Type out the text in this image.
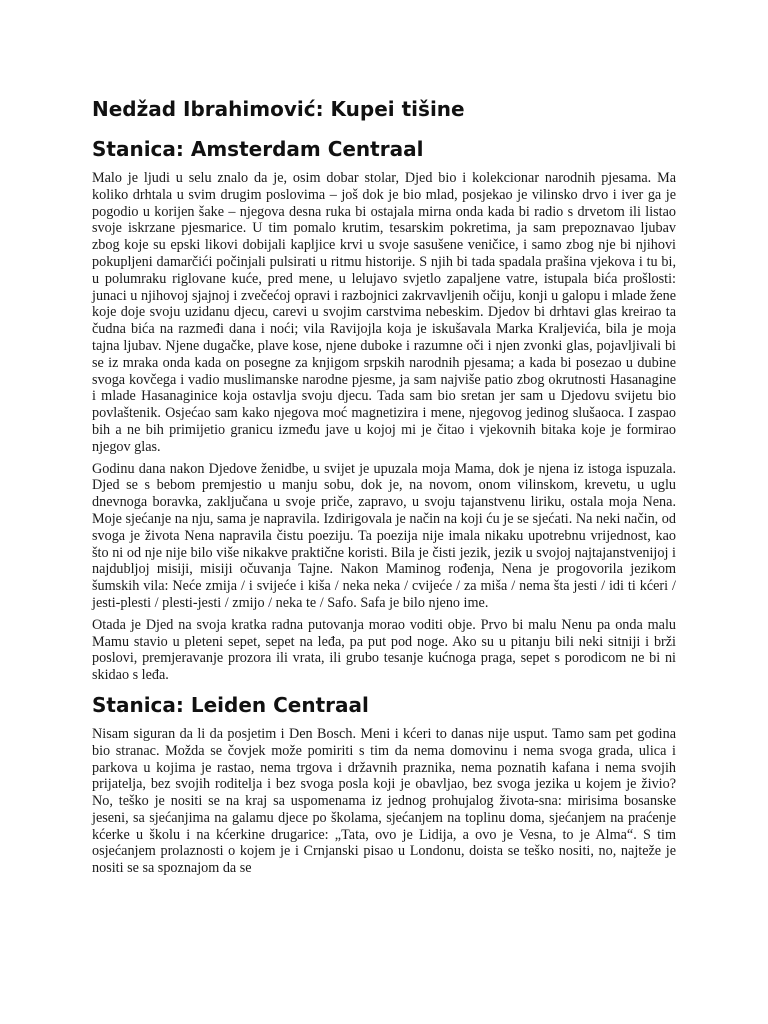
Nedžad Ibrahimović: Kupei tišine
Stanica: Amsterdam Centraal

Malo je ljudi u selu znalo da je, osim dobar stolar, Djed bio i kolekcionar narodnih pjesama. Ma koliko drhtala u svim drugim poslovima – još dok je bio mlad, posjekao je vilinsko drvo i iver ga je pogodio u korijen šake – njegova desna ruka bi ostajala mirna onda kada bi radio s drvetom ili listao svoje iskrzane pjesmarice. U tim pomalo krutim, tesarskim pokretima, ja sam prepoznavao ljubav zbog koje su epski likovi dobijali kapljice krvi u svoje sasušene veničice, i samo zbog nje bi njihovi pokupljeni damarčići počinjali pulsirati u ritmu historije. S njih bi tada spadala prašina vjekova i tu bi, u polumraku riglovane kuće, pred mene, u lelujavo svjetlo zapaljene vatre, istupala bića prošlosti: junaci u njihovoj sjajnoj i zvečećoj opravi i razbojnici zakrvavljenih očiju, konji u galopu i mlade žene koje doje svoju uzidanu djecu, carevi u svojim carstvima nebeskim. Djedov bi drhtavi glas kreirao ta čudna bića na razmeđi dana i noći; vila Ravijojla koja je iskušavala Marka Kraljevića, bila je moja tajna ljubav. Njene dugačke, plave kose, njene duboke i razumne oči i njen zvonki glas, pojavljivali bi se iz mraka onda kada on posegne za knjigom srpskih narodnih pjesama; a kada bi posezao u dubine svoga kovčega i vadio muslimanske narodne pjesme, ja sam najviše patio zbog okrutnosti Hasanagine i mlade Hasanaginice koja ostavlja svoju djecu. Tada sam bio sretan jer sam u Djedovu svijetu bio povlaštenik. Osjećao sam kako njegova moć magnetizira i mene, njegovog jedinog slušaoca. I zaspao bih a ne bih primijetio granicu između jave u kojoj mi je čitao i vjekovnih bitaka koje je formirao njegov glas.

Godinu dana nakon Djedove ženidbe, u svijet je upuzala moja Mama, dok je njena iz istoga ispuzala. Djed se s bebom premjestio u manju sobu, dok je, na novom, onom vilinskom, krevetu, u uglu dnevnoga boravka, zaključana u svoje priče, zapravo, u svoju tajanstvenu liriku, ostala moja Nena. Moje sjećanje na nju, sama je napravila. Izdirigovala je način na koji ću je se sjećati. Na neki način, od svoga je života Nena napravila čistu poeziju. Ta poezija nije imala nikaku upotrebnu vrijednost, kao što ni od nje nije bilo više nikakve praktične koristi. Bila je čisti jezik, jezik u svojoj najtajanstvenijoj i najdubljoj misiji, misiji očuvanja Tajne. Nakon Maminog rođenja, Nena je progovorila jezikom šumskih vila: Neće zmija / i svijeće i kiša / neka neka / cvijeće / za miša / nema šta jesti / idi ti kćeri / jesti-plesti / plesti-jesti / zmijo / neka te / Safo. Safa je bilo njeno ime.

Otada je Djed na svoja kratka radna putovanja morao voditi obje. Prvo bi malu Nenu pa onda malu Mamu stavio u pleteni sepet, sepet na leđa, pa put pod noge. Ako su u pitanju bili neki sitniji i brži poslovi, premjeravanje prozora ili vrata, ili grubo tesanje kućnoga praga, sepet s porodicom ne bi ni skidao s leđa.

Stanica: Leiden Centraal

Nisam siguran da li da posjetim i Den Bosch. Meni i kćeri to danas nije usput. Tamo sam pet godina bio stranac. Možda se čovjek može pomiriti s tim da nema domovinu i nema svoga grada, ulica i parkova u kojima je rastao, nema trgova i državnih praznika, nema poznatih kafana i nema svojih prijatelja, bez svojih roditelja i bez svoga posla koji je obavljao, bez svoga jezika u kojem je živio? No, teško je nositi se na kraj sa uspomenama iz jednog prohujalog života-sna: mirisima bosanske jeseni, sa sjećanjima na galamu djece po školama, sjećanjem na toplinu doma, sjećanjem na praćenje kćerke u školu i na kćerkine drugarice: „Tata, ovo je Lidija, a ovo je Vesna, to je Alma“. S tim osjećanjem prolaznosti o kojem je i Crnjanski pisao u Londonu, doista se teško nositi, no, najteže je nositi se sa spoznajom da se
